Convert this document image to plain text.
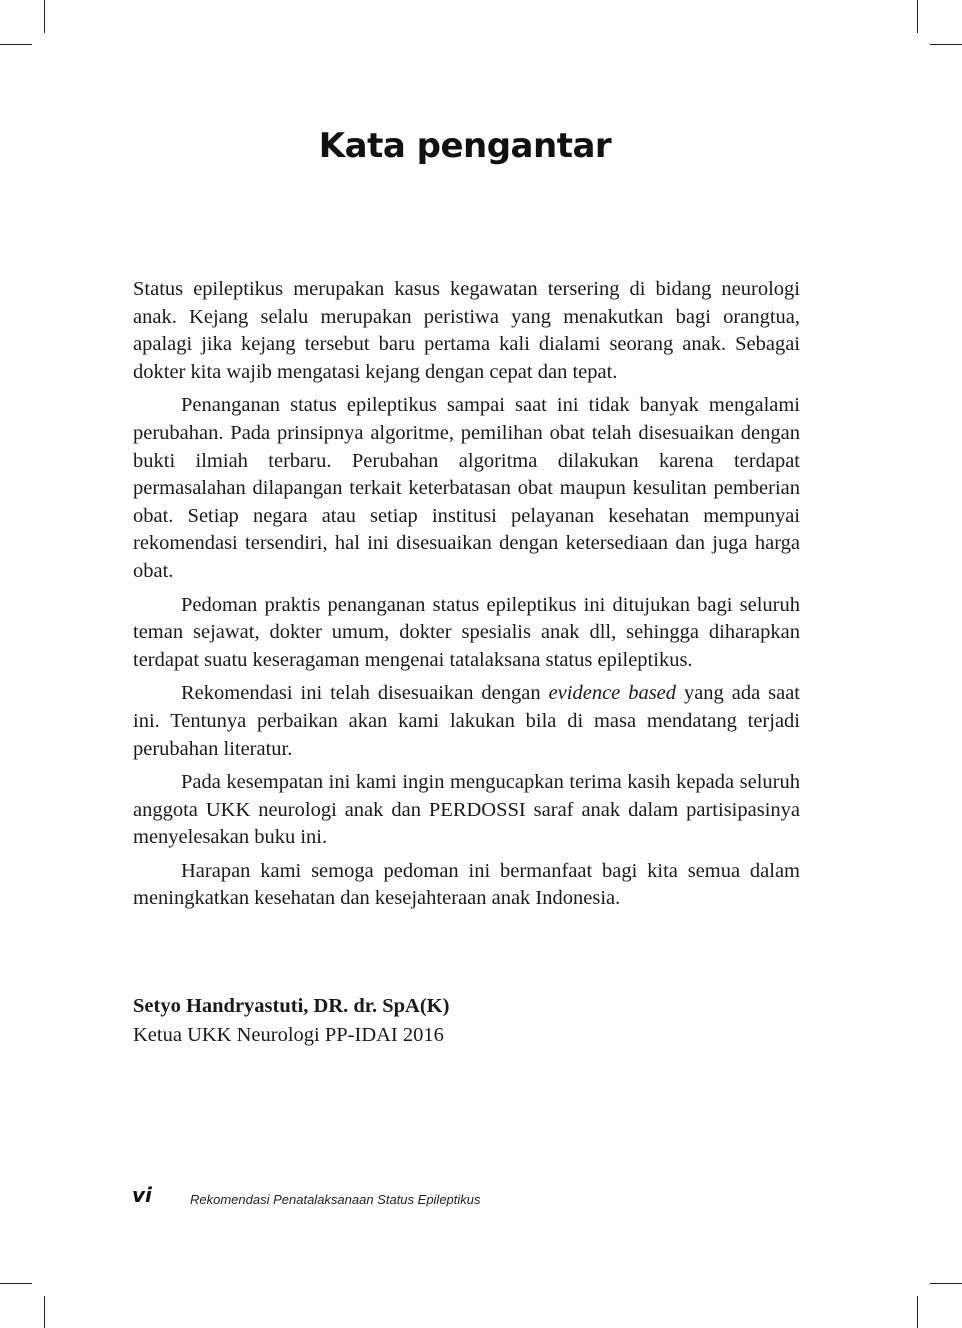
Kata pengantar

Status epileptikus merupakan kasus kegawatan tersering di bidang neurologi anak. Kejang selalu merupakan peristiwa yang menakutkan bagi orangtua, apalagi jika kejang tersebut baru pertama kali dialami seorang anak. Sebagai dokter kita wajib mengatasi kejang dengan cepat dan tepat.

Penanganan status epileptikus sampai saat ini tidak banyak mengalami perubahan. Pada prinsipnya algoritme, pemilihan obat telah disesuaikan dengan bukti ilmiah terbaru. Perubahan algoritma dilakukan karena terdapat permasalahan dilapangan terkait keterbatasan obat maupun kesulitan pemberian obat. Setiap negara atau setiap institusi pelayanan kesehatan mempunyai rekomendasi tersendiri, hal ini disesuaikan dengan ketersediaan dan juga harga obat.

Pedoman praktis penanganan status epileptikus ini ditujukan bagi seluruh teman sejawat, dokter umum, dokter spesialis anak dll, sehingga diharapkan terdapat suatu keseragaman mengenai tatalaksana status epileptikus.

Rekomendasi ini telah disesuaikan dengan evidence based yang ada saat ini. Tentunya perbaikan akan kami lakukan bila di masa mendatang terjadi perubahan literatur.

Pada kesempatan ini kami ingin mengucapkan terima kasih kepada seluruh anggota UKK neurologi anak dan PERDOSSI saraf anak dalam partisipasinya menyelesakan buku ini.

Harapan kami semoga pedoman ini bermanfaat bagi kita semua dalam meningkatkan kesehatan dan kesejahteraan anak Indonesia.

Setyo Handryastuti, DR. dr. SpA(K)
Ketua UKK Neurologi PP-IDAI 2016
vi	Rekomendasi Penatalaksanaan Status Epileptikus
